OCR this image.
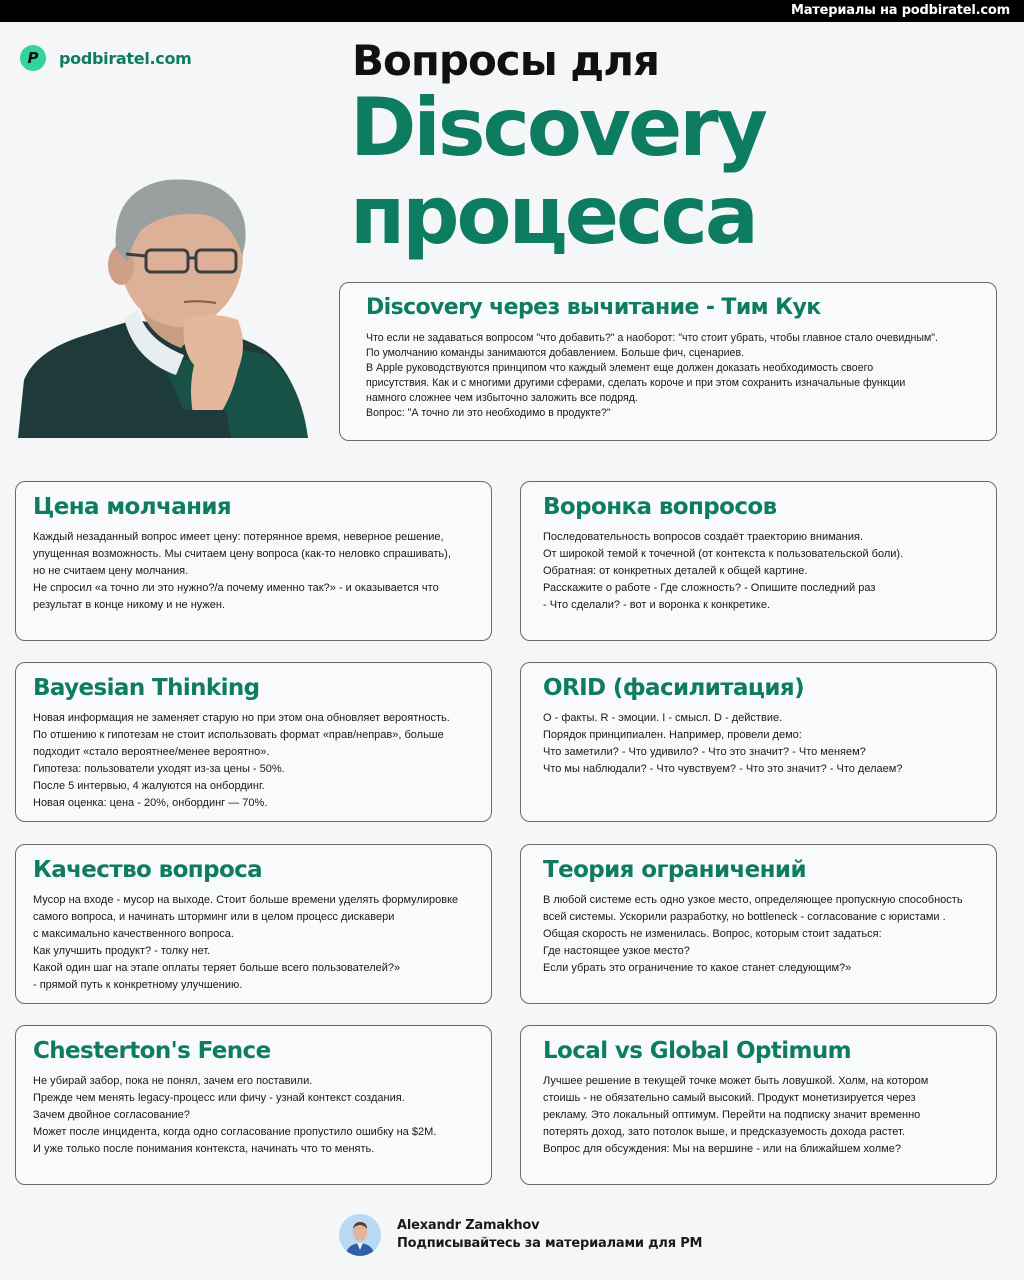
Материалы на podbiratel.com
P podbiratel.com	Вопросы для
Discovery
процесса
Discovery через вычитание - Тим Кук
Что если не задаваться вопросом "что добавить?" а наоборот: "что стоит убрать, чтобы главное стало очевидным".
По умолчанию команды занимаются добавлением. Больше фич, сценариев.
В Apple руководствуются принципом что каждый элемент еще должен доказать необходимость своего
присутствия. Как и с многими другими сферами, сделать короче и при этом сохранить изначальные функции
намного сложнее чем избыточно заложить все подряд.
Вопрос: "А точно ли это необходимо в продукте?"
Цена молчания
Каждый незаданный вопрос имеет цену: потерянное время, неверное решение,
упущенная возможность. Мы считаем цену вопроса (как-то неловко спрашивать),
но не считаем цену молчания.
Не спросил «а точно ли это нужно?/а почему именно так?» - и оказывается что
результат в конце никому и не нужен.
Воронка вопросов
Последовательность вопросов создаёт траекторию внимания.
От широкой темой к точечной (от контекста к пользовательской боли).
Обратная: от конкретных деталей к общей картине.
Расскажите о работе - Где сложность? - Опишите последний раз
- Что сделали? - вот и воронка к конкретике.
Bayesian Thinking
Новая информация не заменяет старую но при этом она обновляет вероятность.
По отшению к гипотезам не стоит использовать формат «прав/неправ», больше
подходит «стало вероятнее/менее вероятно».
Гипотеза: пользователи уходят из-за цены - 50%.
После 5 интервью, 4 жалуются на онбординг.
Новая оценка: цена - 20%, онбординг — 70%.
ORID (фасилитация)
O - факты. R - эмоции. I - смысл. D - действие.
Порядок принципиален. Например, провели демо:
Что заметили? - Что удивило? - Что это значит? - Что меняем?
Что мы наблюдали? - Что чувствуем? - Что это значит? - Что делаем?
Качество вопроса
Мусор на входе - мусор на выходе. Стоит больше времени уделять формулировке
самого вопроса, и начинать шторминг или в целом процесс дискавери
с максимально качественного вопроса.
Как улучшить продукт? - толку нет.
Какой один шаг на этапе оплаты теряет больше всего пользователей?»
- прямой путь к конкретному улучшению.
Теория ограничений
В любой системе есть одно узкое место, определяющее пропускную способность
всей системы. Ускорили разработку, но bottleneck - согласование с юристами .
Общая скорость не изменилась. Вопрос, которым стоит задаться:
Где настоящее узкое место?
Если убрать это ограничение то какое станет следующим?»
Chesterton's Fence
Не убирай забор, пока не понял, зачем его поставили.
Прежде чем менять legacy-процесс или фичу - узнай контекст создания.
Зачем двойное согласование?
Может после инцидента, когда одно согласование пропустило ошибку на $2M.
И уже только после понимания контекста, начинать что то менять.
Local vs Global Optimum
Лучшее решение в текущей точке может быть ловушкой. Холм, на котором
стоишь - не обязательно самый высокий. Продукт монетизируется через
рекламу. Это локальный оптимум. Перейти на подписку значит временно
потерять доход, зато потолок выше, и предсказуемость дохода растет.
Вопрос для обсуждения: Мы на вершине - или на ближайшем холме?
Alexandr Zamakhov
Подписывайтесь за материалами для PM
